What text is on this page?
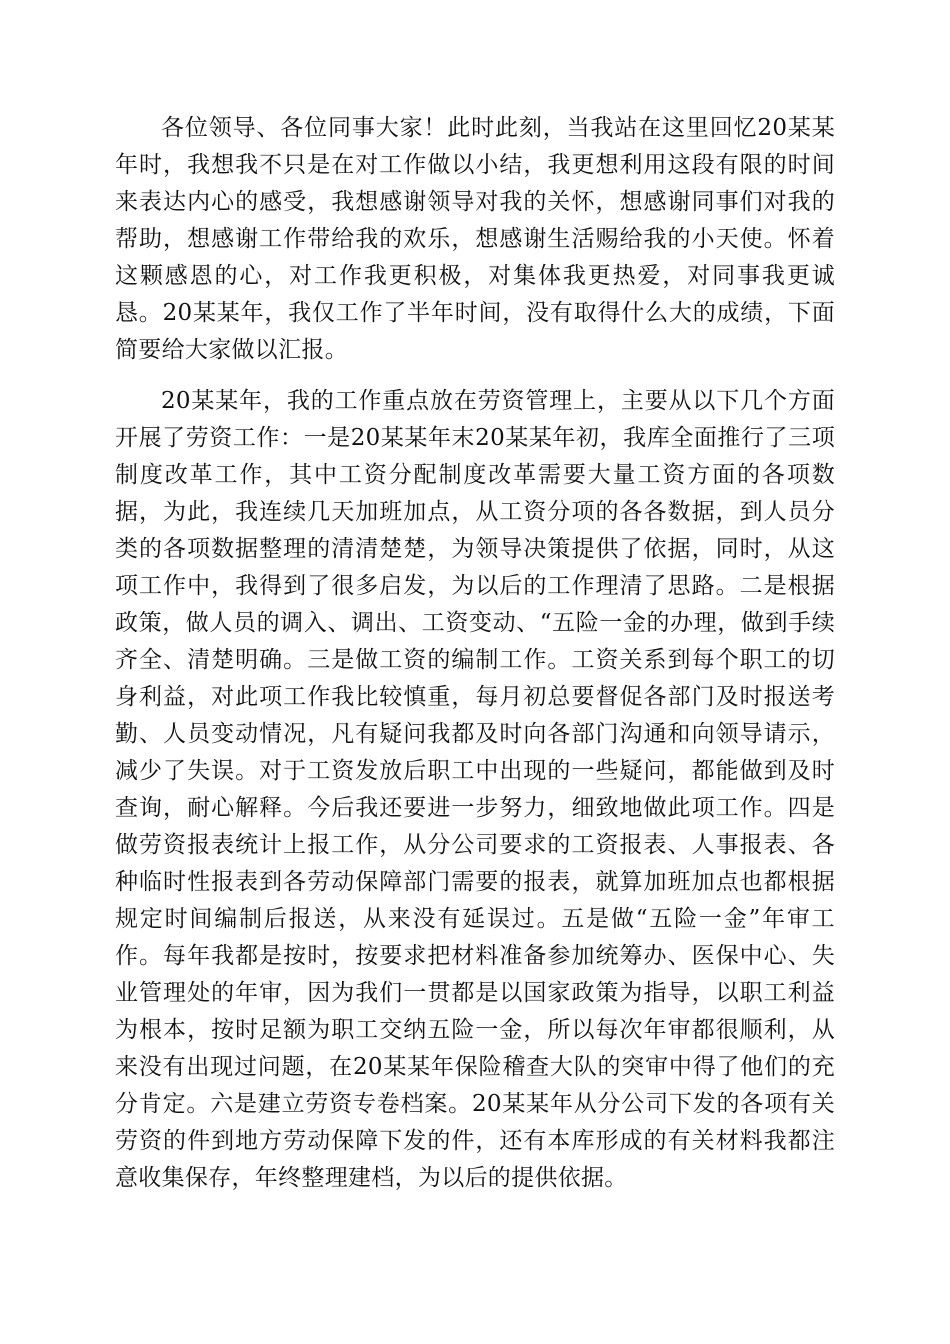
各位领导、各位同事大家！此时此刻，当我站在这里回忆20某某年时，我想我不只是在对工作做以小结，我更想利用这段有限的时间来表达内心的感受，我想感谢领导对我的关怀，想感谢同事们对我的帮助，想感谢工作带给我的欢乐，想感谢生活赐给我的小天使。怀着这颗感恩的心，对工作我更积极，对集体我更热爱，对同事我更诚恳。20某某年，我仅工作了半年时间，没有取得什么大的成绩，下面简要给大家做以汇报。

20某某年，我的工作重点放在劳资管理上，主要从以下几个方面开展了劳资工作：一是20某某年末20某某年初，我库全面推行了三项制度改革工作，其中工资分配制度改革需要大量工资方面的各项数据，为此，我连续几天加班加点，从工资分项的各各数据，到人员分类的各项数据整理的清清楚楚，为领导决策提供了依据，同时，从这项工作中，我得到了很多启发，为以后的工作理清了思路。二是根据政策，做人员的调入、调出、工资变动、“五险一金的办理，做到手续齐全、清楚明确。三是做工资的编制工作。工资关系到每个职工的切身利益，对此项工作我比较慎重，每月初总要督促各部门及时报送考勤、人员变动情况，凡有疑问我都及时向各部门沟通和向领导请示，减少了失误。对于工资发放后职工中出现的一些疑问，都能做到及时查询，耐心解释。今后我还要进一步努力，细致地做此项工作。四是做劳资报表统计上报工作，从分公司要求的工资报表、人事报表、各种临时性报表到各劳动保障部门需要的报表，就算加班加点也都根据规定时间编制后报送，从来没有延误过。五是做“五险一金”年审工作。每年我都是按时，按要求把材料准备参加统筹办、医保中心、失业管理处的年审，因为我们一贯都是以国家政策为指导，以职工利益为根本，按时足额为职工交纳五险一金，所以每次年审都很顺利，从来没有出现过问题，在20某某年保险稽查大队的突审中得了他们的充分肯定。六是建立劳资专卷档案。20某某年从分公司下发的各项有关劳资的件到地方劳动保障下发的件，还有本库形成的有关材料我都注意收集保存，年终整理建档，为以后的提供依据。
